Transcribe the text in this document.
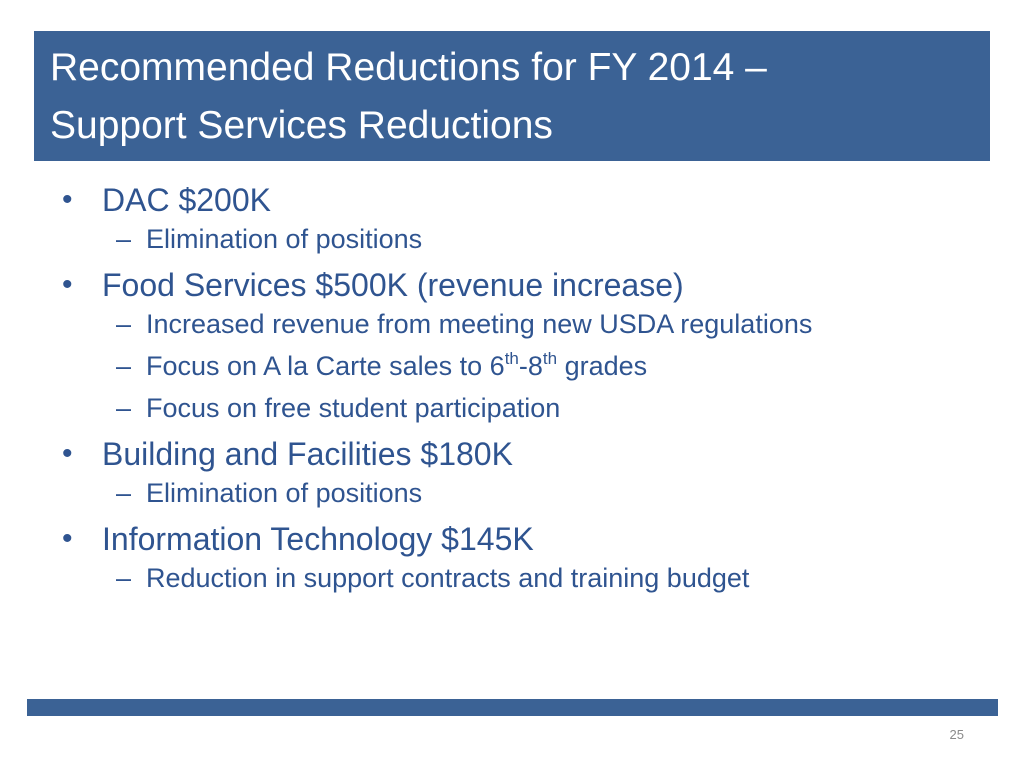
Recommended Reductions for FY 2014 –
Support Services Reductions
• DAC $200K
– Elimination of positions
• Food Services $500K (revenue increase)
– Increased revenue from meeting new USDA regulations
– Focus on A la Carte sales to 6th-8th grades
– Focus on free student participation
• Building and Facilities $180K
– Elimination of positions
• Information Technology $145K
– Reduction in support contracts and training budget
25
